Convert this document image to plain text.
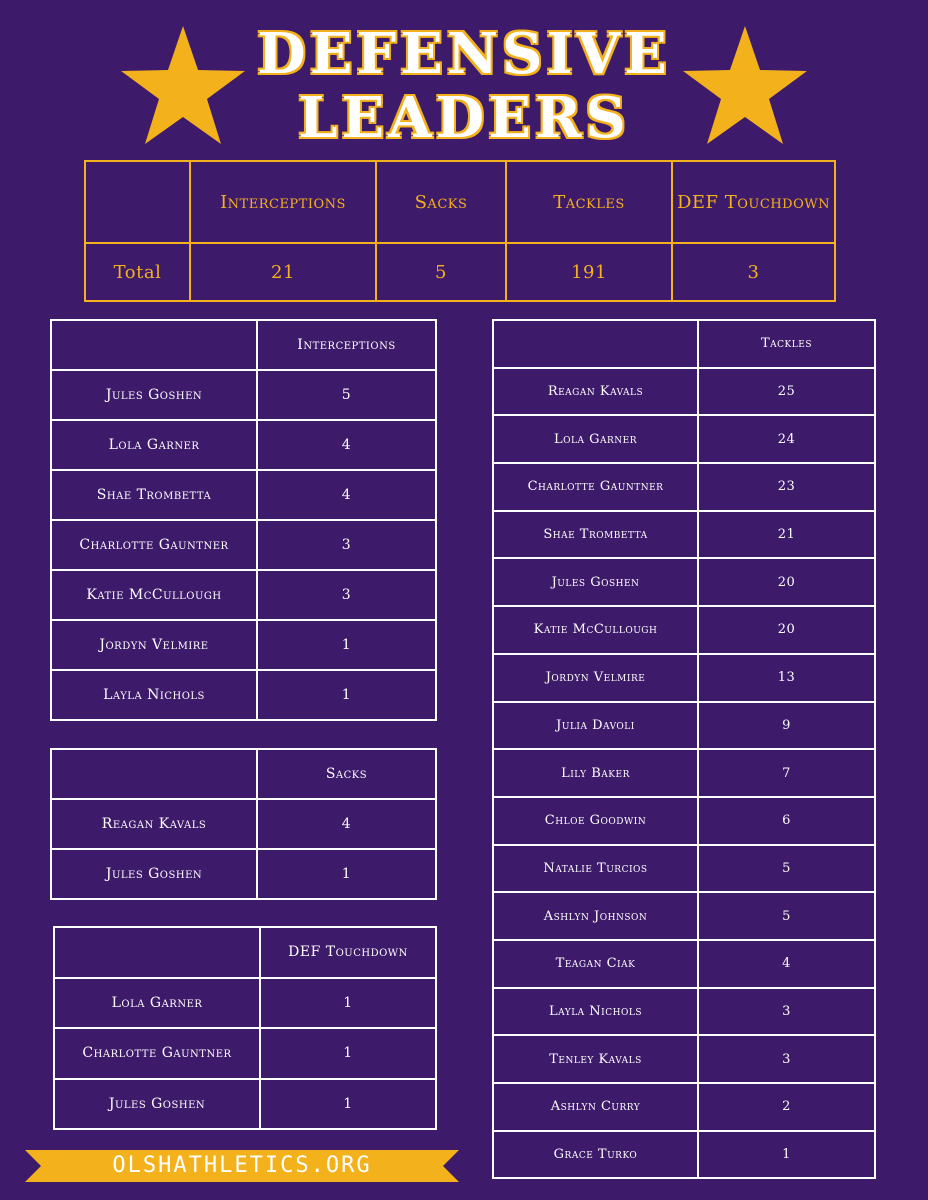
DEFENSIVE
LEADERS
	Interceptions	Sacks	Tackles	DEF Touchdown
Total	21	5	191	3
	Interceptions
Jules Goshen	5
Lola Garner	4
Shae Trombetta	4
Charlotte Gauntner	3
Katie McCullough	3
Jordyn Velmire	1
Layla Nichols	1
	Sacks
Reagan Kavals	4
Jules Goshen	1
	DEF Touchdown
Lola Garner	1
Charlotte Gauntner	1
Jules Goshen	1
	Tackles
Reagan Kavals	25
Lola Garner	24
Charlotte Gauntner	23
Shae Trombetta	21
Jules Goshen	20
Katie McCullough	20
Jordyn Velmire	13
Julia Davoli	9
Lily Baker	7
Chloe Goodwin	6
Natalie Turcios	5
Ashlyn Johnson	5
Teagan Ciak	4
Layla Nichols	3
Tenley Kavals	3
Ashlyn Curry	2
Grace Turko	1
OLSHATHLETICS.ORG
